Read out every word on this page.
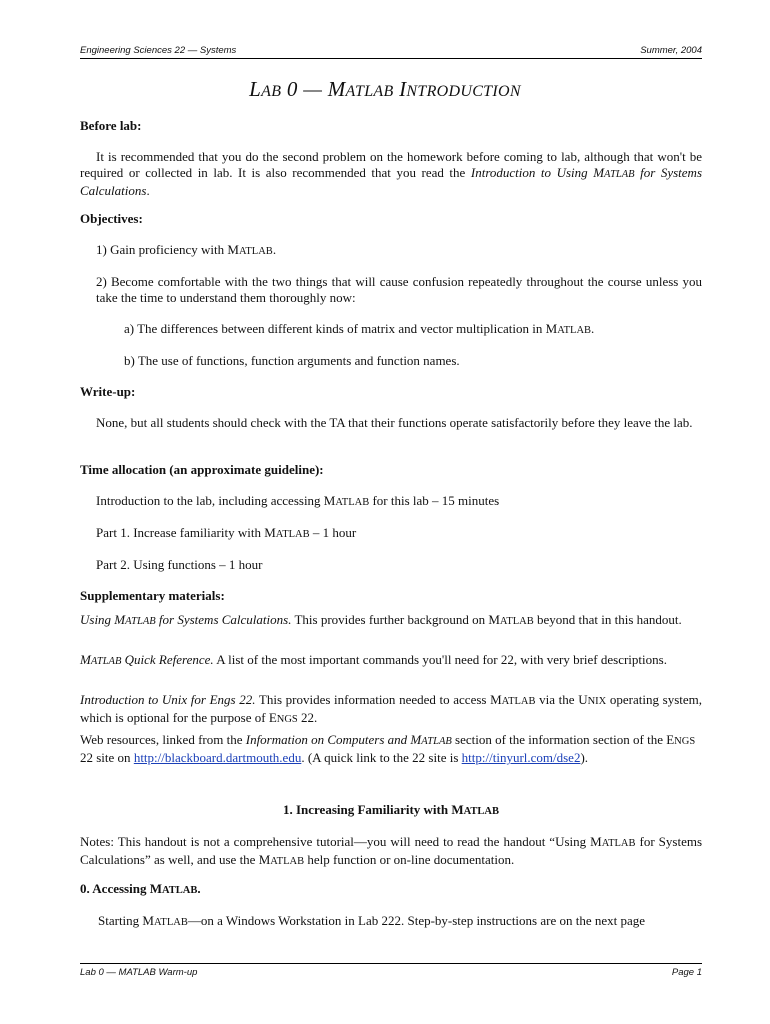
Engineering Sciences 22 — Systems	Summer, 2004
LAB 0 — MATLAB INTRODUCTION
Before lab:
It is recommended that you do the second problem on the homework before coming to lab, although that won't be required or collected in lab. It is also recommended that you read the Introduction to Using MATLAB for Systems Calculations.
Objectives:
1) Gain proficiency with MATLAB.
2) Become comfortable with the two things that will cause confusion repeatedly throughout the course unless you take the time to understand them thoroughly now:
a) The differences between different kinds of matrix and vector multiplication in MATLAB.
b) The use of functions, function arguments and function names.
Write-up:
None, but all students should check with the TA that their functions operate satisfactorily before they leave the lab.
Time allocation (an approximate guideline):
Introduction to the lab, including accessing MATLAB for this lab – 15 minutes
Part 1. Increase familiarity with MATLAB – 1 hour
Part 2. Using functions – 1 hour
Supplementary materials:
Using MATLAB for Systems Calculations. This provides further background on MATLAB beyond that in this handout.
MATLAB Quick Reference. A list of the most important commands you'll need for 22, with very brief descriptions.
Introduction to Unix for Engs 22. This provides information needed to access MATLAB via the UNIX operating system, which is optional for the purpose of ENGS 22.
Web resources, linked from the Information on Computers and MATLAB section of the information section of the ENGS 22 site on http://blackboard.dartmouth.edu. (A quick link to the 22 site is http://tinyurl.com/dse2).
1. Increasing Familiarity with MATLAB
Notes: This handout is not a comprehensive tutorial—you will need to read the handout “Using MATLAB for Systems Calculations” as well, and use the MATLAB help function or on-line documentation.
0. Accessing MATLAB.
Starting MATLAB—on a Windows Workstation in Lab 222. Step-by-step instructions are on the next page
Lab 0 — MATLAB Warm-up	Page 1
